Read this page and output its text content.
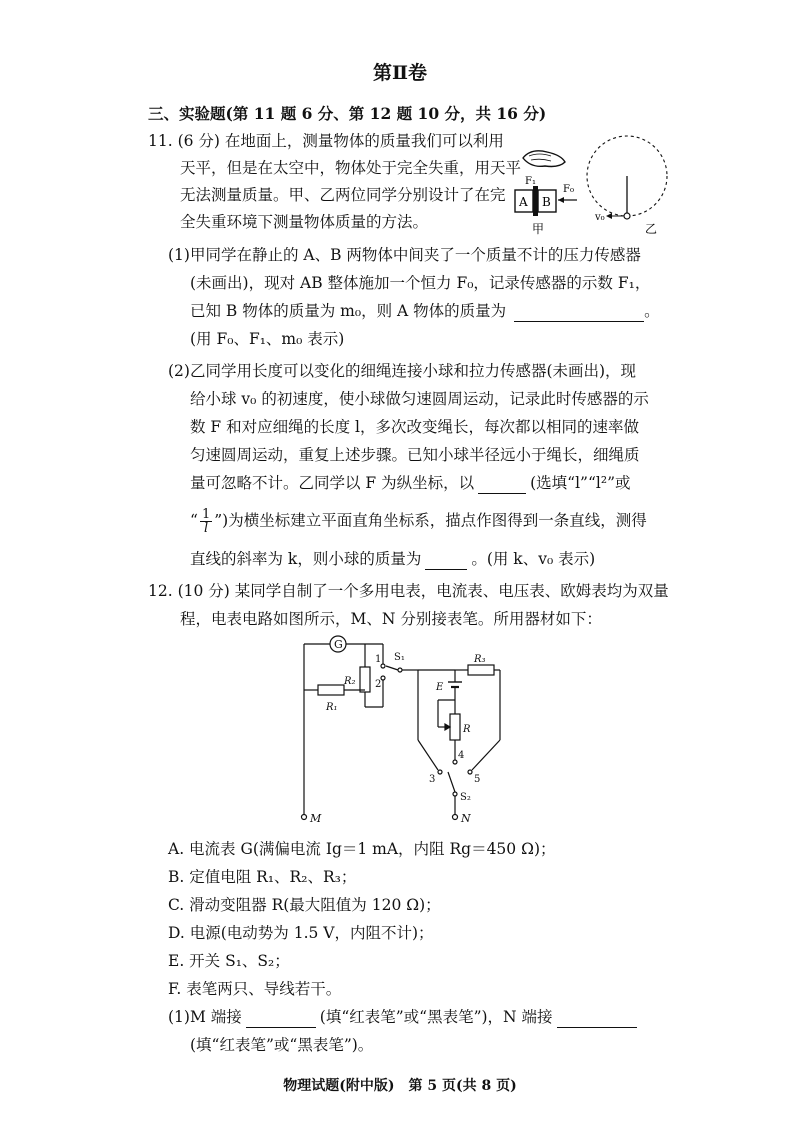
第Ⅱ卷
三、实验题(第 11 题 6 分、第 12 题 10 分，共 16 分)
11. (6 分) 在地面上，测量物体的质量我们可以利用
天平，但是在太空中，物体处于完全失重，用天平
无法测量质量。甲、乙两位同学分别设计了在完
全失重环境下测量物体质量的方法。
A B
F₁
F₀
甲
v₀
乙
(1)甲同学在静止的 A、B 两物体中间夹了一个质量不计的压力传感器
(未画出)，现对 AB 整体施加一个恒力 F₀，记录传感器的示数 F₁，
已知 B 物体的质量为 m₀，则 A 物体的质量为	。
(用 F₀、F₁、m₀ 表示)
(2)乙同学用长度可以变化的细绳连接小球和拉力传感器(未画出)，现
给小球 v₀ 的初速度，使小球做匀速圆周运动，记录此时传感器的示
数 F 和对应细绳的长度 l，多次改变绳长，每次都以相同的速率做
匀速圆周运动，重复上述步骤。已知小球半径远小于绳长，细绳质
量可忽略不计。乙同学以 F 为纵坐标，以	(选填“l”“l²”或
“ $\frac{1}{l}$ ”)为横坐标建立平面直角坐标系，描点作图得到一条直线，测得
直线的斜率为 k，则小球的质量为	。(用 k、v₀ 表示)
12. (10 分) 某同学自制了一个多用电表，电流表、电压表、欧姆表均为双量
程，电表电路如图所示，M、N 分别接表笔。所用器材如下：
M
G
R₂
1 S₁
2
R₁
R₃
E
R
4
3	5
S₂
N
A. 电流表 G(满偏电流 Ig＝1 mA，内阻 Rg＝450 Ω)；
B. 定值电阻 R₁、R₂、R₃；
C. 滑动变阻器 R(最大阻值为 120 Ω)；
D. 电源(电动势为 1.5 V，内阻不计)；
E. 开关 S₁、S₂；
F. 表笔两只、导线若干。
(1)M 端接	(填“红表笔”或“黑表笔”)，N 端接
(填“红表笔”或“黑表笔”)。
物理试题(附中版)　第 5 页(共 8 页)
